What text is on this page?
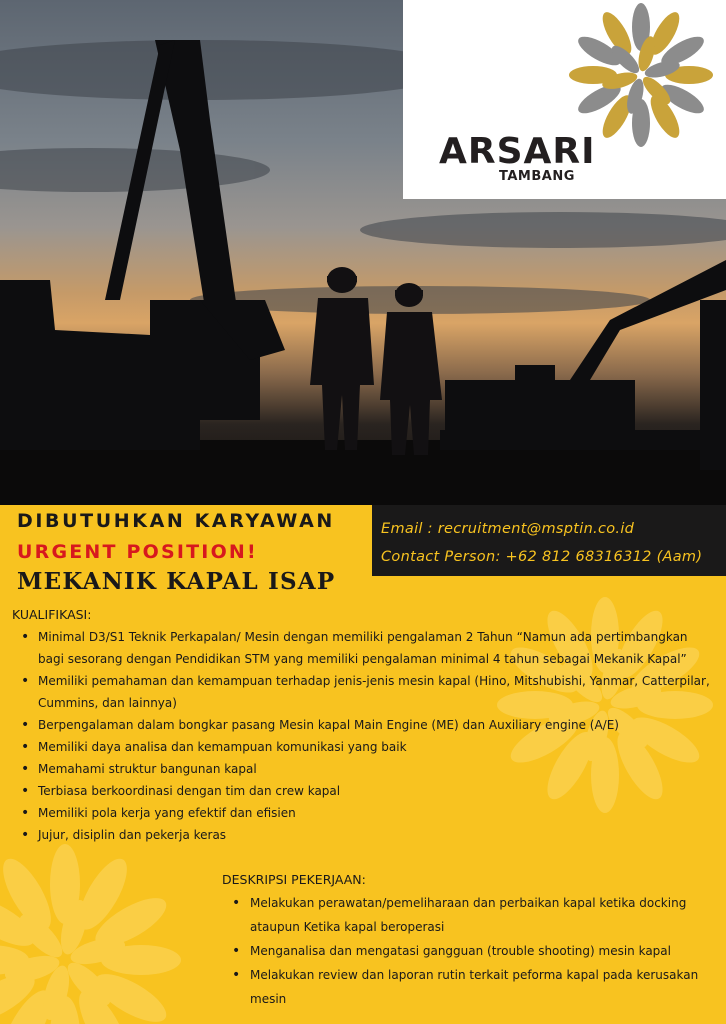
ARSARI
TAMBANG
Email : recruitment@msptin.co.id
Contact Person: +62 812 68316312 (Aam)
DIBUTUHKAN KARYAWAN
URGENT POSITION!
MEKANIK KAPAL ISAP
KUALIFIKASI:
• Minimal D3/S1 Teknik Perkapalan/ Mesin dengan memiliki pengalaman 2 Tahun “Namun ada pertimbangkan bagi sesorang dengan Pendidikan STM yang memiliki pengalaman minimal 4 tahun sebagai Mekanik Kapal”
• Memiliki pemahaman dan kemampuan terhadap jenis-jenis mesin kapal (Hino, Mitshubishi, Yanmar, Catterpilar, Cummins, dan lainnya)
• Berpengalaman dalam bongkar pasang Mesin kapal Main Engine (ME) dan Auxiliary engine (A/E)
• Memiliki daya analisa dan kemampuan komunikasi yang baik
• Memahami struktur bangunan kapal
• Terbiasa berkoordinasi dengan tim dan crew kapal
• Memiliki pola kerja yang efektif dan efisien
• Jujur, disiplin dan pekerja keras
DESKRIPSI PEKERJAAN:
• Melakukan perawatan/pemeliharaan dan perbaikan kapal ketika docking ataupun Ketika kapal beroperasi
• Menganalisa dan mengatasi gangguan (trouble shooting) mesin kapal
• Melakukan review dan laporan rutin terkait peforma kapal pada kerusakan mesin
